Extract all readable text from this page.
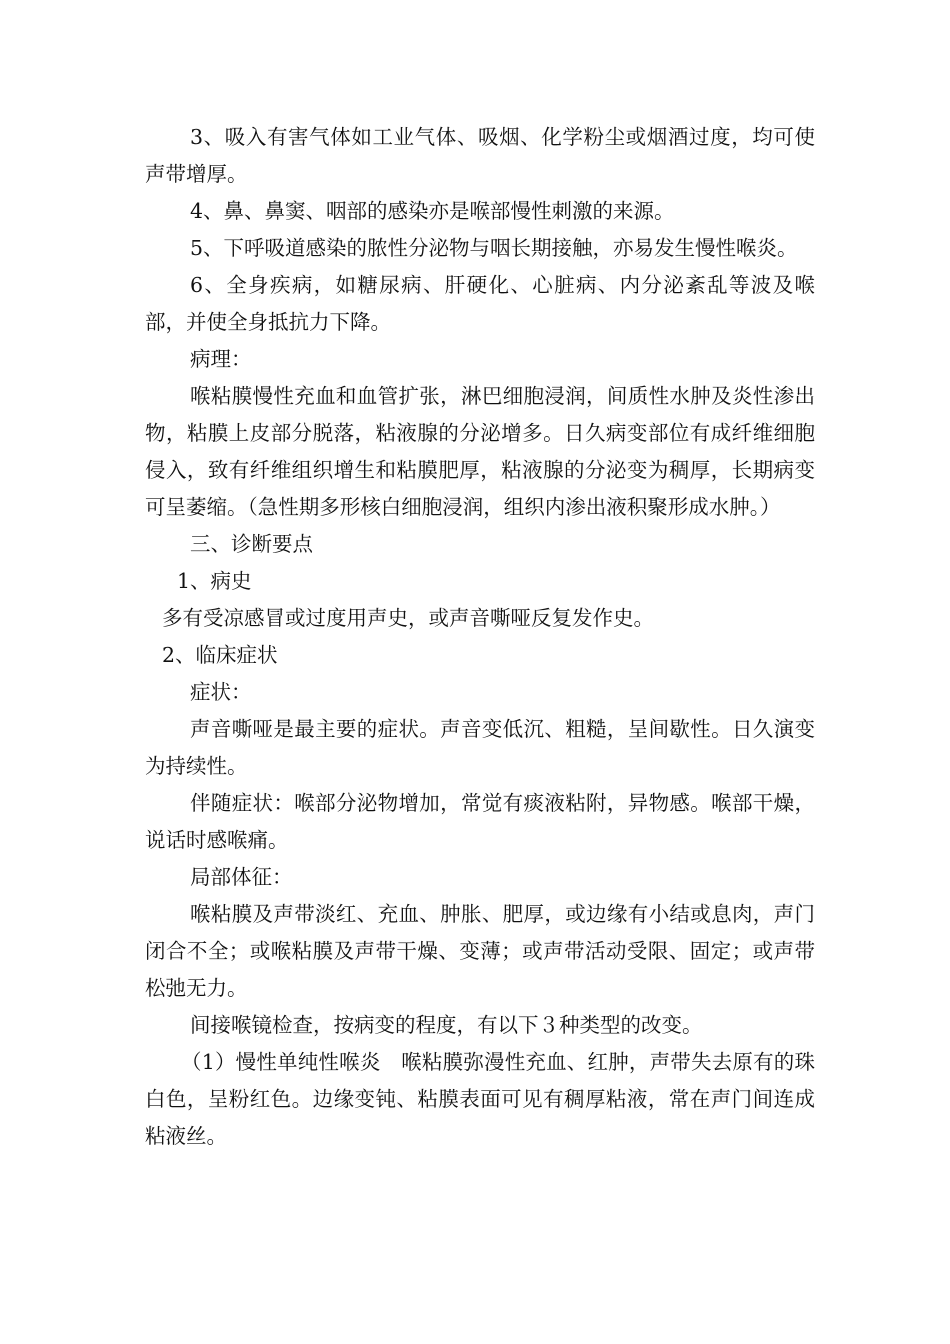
3、吸入有害气体如工业气体、吸烟、化学粉尘或烟酒过度，均可使声带增厚。

4、鼻、鼻窦、咽部的感染亦是喉部慢性刺激的来源。

5、下呼吸道感染的脓性分泌物与咽长期接触，亦易发生慢性喉炎。

6、全身疾病，如糖尿病、肝硬化、心脏病、内分泌紊乱等波及喉部，并使全身抵抗力下降。

病理：

喉粘膜慢性充血和血管扩张，淋巴细胞浸润，间质性水肿及炎性渗出物，粘膜上皮部分脱落，粘液腺的分泌增多。日久病变部位有成纤维细胞侵入，致有纤维组织增生和粘膜肥厚，粘液腺的分泌变为稠厚，长期病变可呈萎缩。（急性期多形核白细胞浸润，组织内渗出液积聚形成水肿。）

三、诊断要点

1、病史

多有受凉感冒或过度用声史，或声音嘶哑反复发作史。

2、临床症状

症状：

声音嘶哑是最主要的症状。声音变低沉、粗糙，呈间歇性。日久演变为持续性。

伴随症状：喉部分泌物增加，常觉有痰液粘附，异物感。喉部干燥，说话时感喉痛。

局部体征：

喉粘膜及声带淡红、充血、肿胀、肥厚，或边缘有小结或息肉，声门闭合不全；或喉粘膜及声带干燥、变薄；或声带活动受限、固定；或声带松弛无力。

间接喉镜检查，按病变的程度，有以下３种类型的改变。

（1）慢性单纯性喉炎　喉粘膜弥漫性充血、红肿，声带失去原有的珠白色，呈粉红色。边缘变钝、粘膜表面可见有稠厚粘液，常在声门间连成粘液丝。
